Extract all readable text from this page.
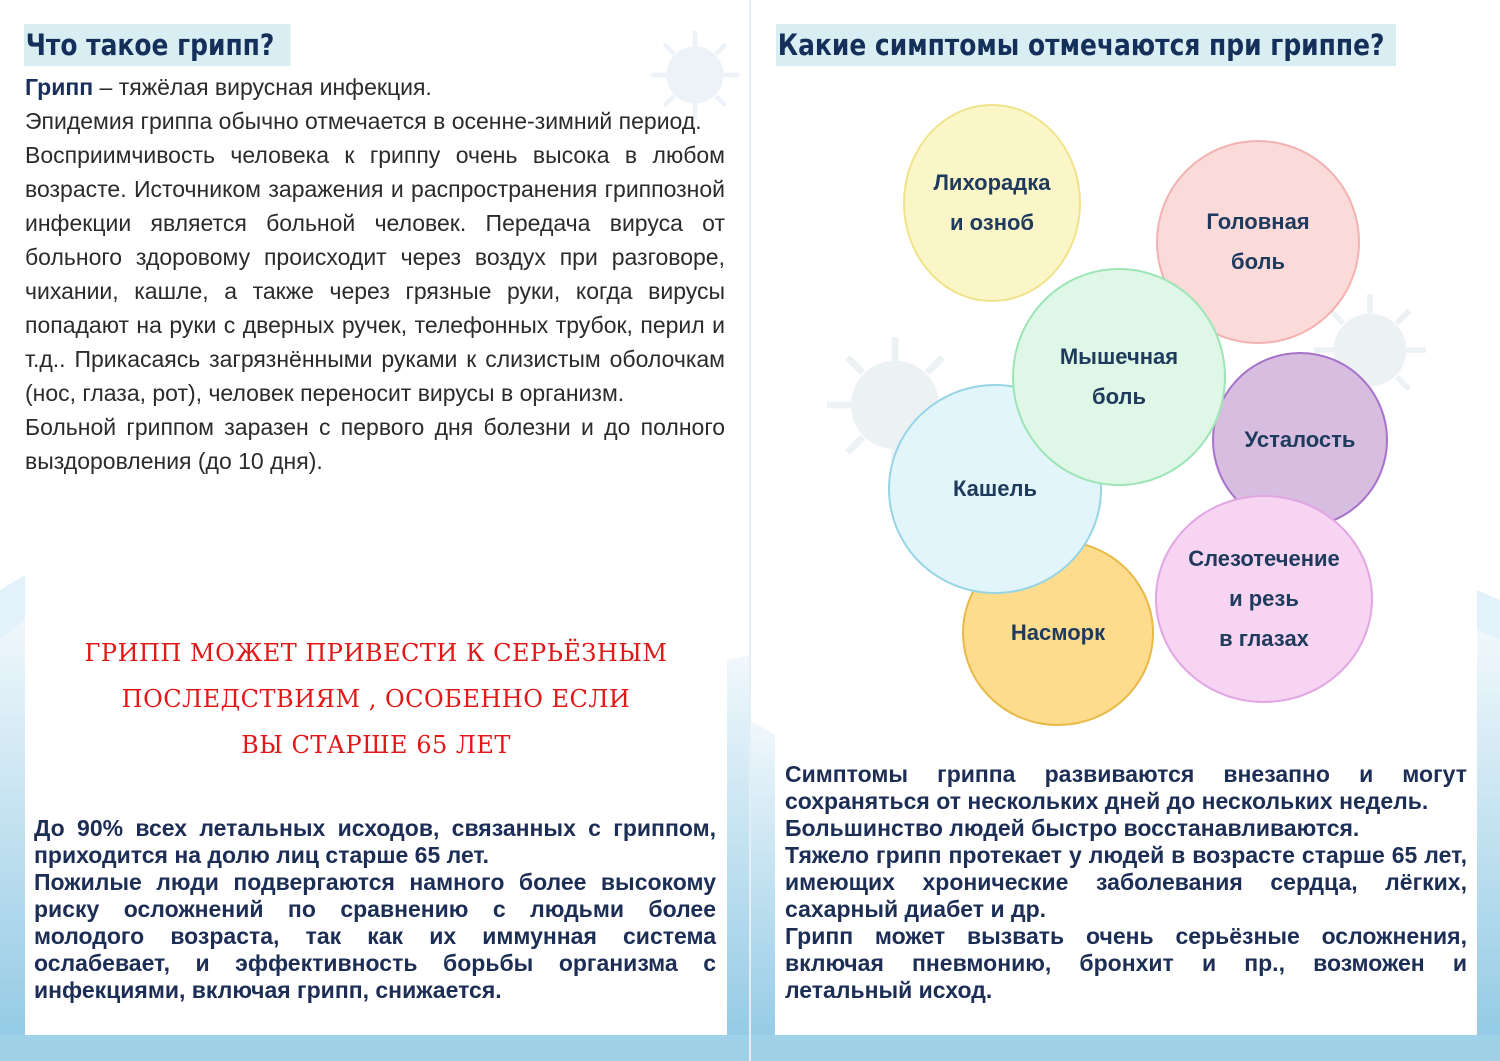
Что такое грипп?

Грипп – тяжёлая вирусная инфекция.

Эпидемия гриппа обычно отмечается в осенне-зимний период.

Восприимчивость человека к гриппу очень высока в любом возрасте. Источником заражения и распространения гриппозной инфекции является больной человек. Передача вируса от больного здоровому происходит через воздух при разговоре, чихании, кашле, а также через грязные руки, когда вирусы попадают на руки с дверных ручек, телефонных трубок, перил и т.д.. Прикасаясь загрязнёнными руками к слизистым оболочкам (нос, глаза, рот), человек переносит вирусы в организм.

Больной гриппом заразен с первого дня болезни и до полного выздоровления (до 10 дня).

ГРИПП МОЖЕТ ПРИВЕСТИ К СЕРЬЁЗНЫМ
ПОСЛЕДСТВИЯМ , ОСОБЕННО ЕСЛИ
ВЫ СТАРШЕ 65 ЛЕТ

До 90% всех летальных исходов, связанных с гриппом, приходится на долю лиц старше 65 лет.

Пожилые люди подвергаются намного более высокому риску осложнений по сравнению с людьми более молодого возраста, так как их иммунная система ослабевает, и эффективность борьбы организма с инфекциями, включая грипп, снижается.

Какие симптомы отмечаются при гриппе?
Лихорадка
и озноб	Головная
боль
Усталость
Слезотечение
и резь
в глазах
Насморк
Кашель
Мышечная
боль

Симптомы гриппа развиваются внезапно и могут сохраняться от нескольких дней до нескольких недель.

Большинство людей быстро восстанавливаются.

Тяжело грипп протекает у людей в возрасте старше 65 лет, имеющих хронические заболевания сердца, лёгких, сахарный диабет и др.

Грипп может вызвать очень серьёзные осложнения, включая пневмонию, бронхит и пр., возможен и летальный исход.
